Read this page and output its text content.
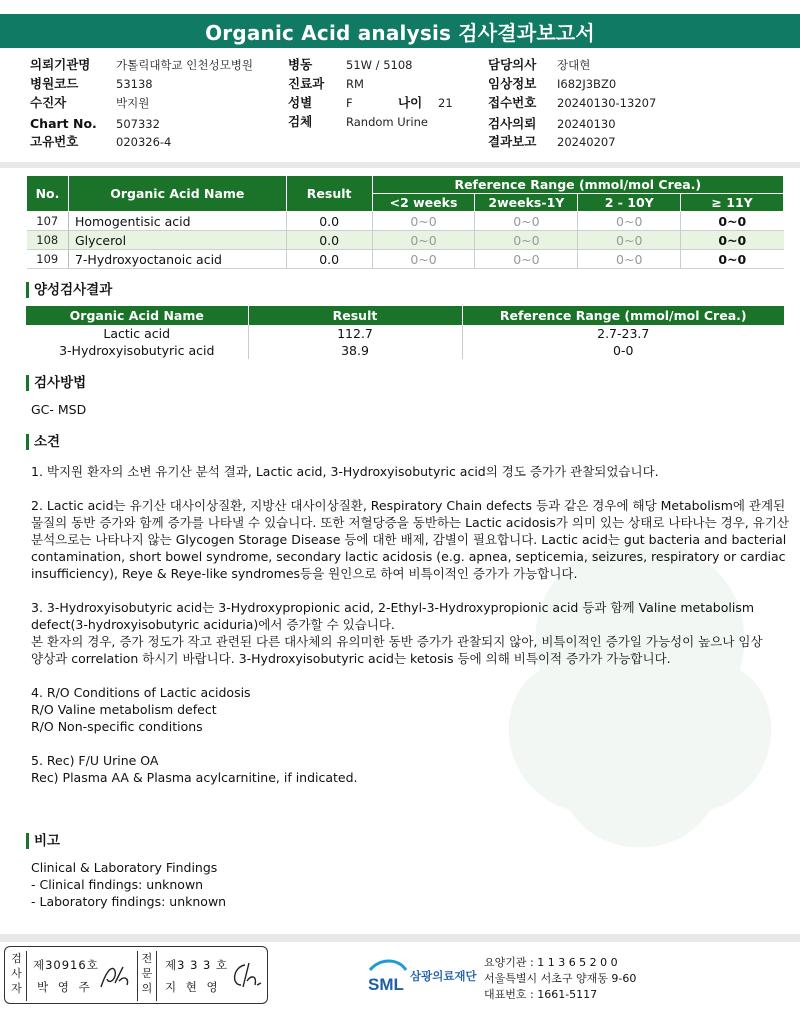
Organic Acid analysis 검사결과보고서
의뢰기관명 가톨릭대학교 인천성모병원
병원코드	53138
수진자	박지원
Chart No. 507332
고유번호	020326-4
병동	51W / 5108
진료과 RM
성별	F	나이 21
검체	Random Urine
담당의사 장대현
임상정보 I682J3BZ0
접수번호 20240130-13207
검사의뢰 20240130
결과보고 20240207
No.	Organic Acid Name	Result	Reference Range (mmol/mol Crea.)			
			<2 weeks	2weeks-1Y	2 - 10Y	≥ 11Y
107	Homogentisic acid	0.0	0~0	0~0	0~0	0~0
108	Glycerol	0.0	0~0	0~0	0~0	0~0
109	7-Hydroxyoctanoic acid	0.0	0~0	0~0	0~0	0~0
양성검사결과
Organic Acid Name	Result	Reference Range (mmol/mol Crea.)
Lactic acid	112.7	2.7-23.7
3-Hydroxyisobutyric acid	38.9	0-0
검사방법
GC- MSD
소견

1. 박지원 환자의 소변 유기산 분석 결과, Lactic acid, 3-Hydroxyisobutyric acid의 경도 증가가 관찰되었습니다.

2. Lactic acid는 유기산 대사이상질환, 지방산 대사이상질환, Respiratory Chain defects 등과 같은 경우에 해당 Metabolism에 관계된
물질의 동반 증가와 함께 증가를 나타낼 수 있습니다. 또한 저혈당증을 동반하는 Lactic acidosis가 의미 있는 상태로 나타나는 경우, 유기산
분석으로는 나타나지 않는 Glycogen Storage Disease 등에 대한 배제, 감별이 필요합니다. Lactic acid는 gut bacteria and bacterial
contamination, short bowel syndrome, secondary lactic acidosis (e.g. apnea, septicemia, seizures, respiratory or cardiac
insufficiency), Reye & Reye-like syndromes등을 원인으로 하여 비특이적인 증가가 가능합니다.

3. 3-Hydroxyisobutyric acid는 3-Hydroxypropionic acid, 2-Ethyl-3-Hydroxypropionic acid 등과 함께 Valine metabolism
defect(3-hydroxyisobutyric aciduria)에서 증가할 수 있습니다.
본 환자의 경우, 증가 정도가 작고 관련된 다른 대사체의 유의미한 동반 증가가 관찰되지 않아, 비특이적인 증가일 가능성이 높으나 임상
양상과 correlation 하시기 바랍니다. 3-Hydroxyisobutyric acid는 ketosis 등에 의해 비특이적 증가가 가능합니다.

4. R/O Conditions of Lactic acidosis
R/O Valine metabolism defect
R/O Non-specific conditions

5. Rec) F/U Urine OA
Rec) Plasma AA & Plasma acylcarnitine, if indicated.

비고
Clinical & Laboratory Findings
- Clinical findings: unknown
- Laboratory findings: unknown
검사자
제30916호
박 영 주
전문의
제3 3 3 호
지 현 영	SML 삼광의료재단
요양기관 : 1 1 3 6 5 2 0 0
서울특별시 서초구 양재동 9-60
대표번호 : 1661-5117
